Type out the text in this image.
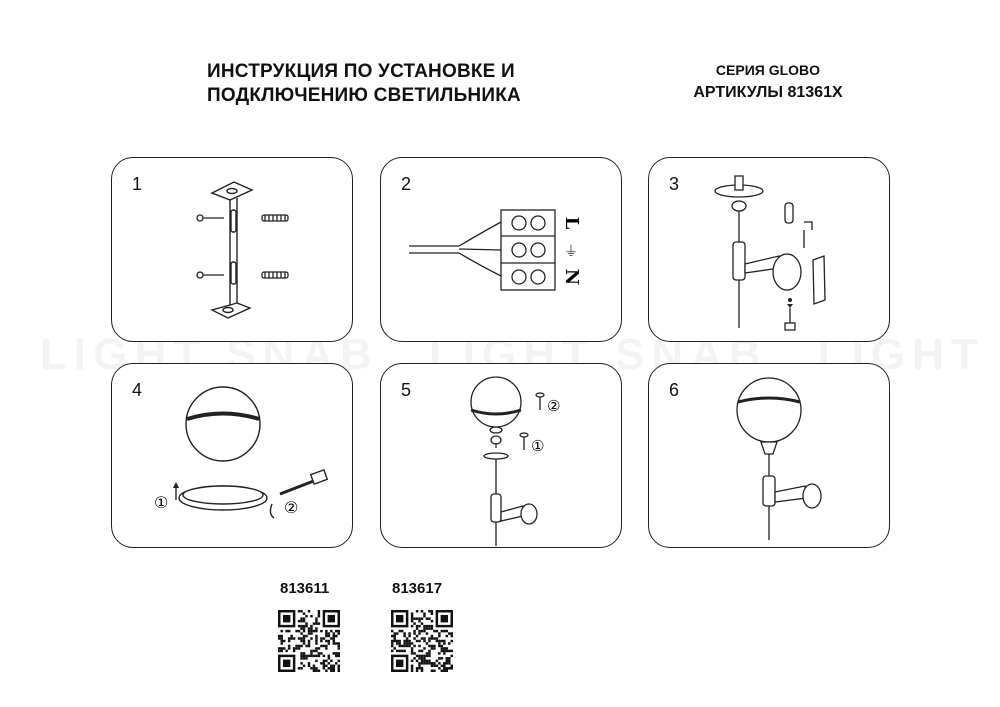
ИНСТРУКЦИЯ ПО УСТАНОВКЕ И
ПОДКЛЮЧЕНИЮ СВЕТИЛЬНИКА
СЕРИЯ GLOBO
АРТИКУЛЫ 81361X
1	2
L
⏚
N
3
4
①	②
5
②
①
6
813611	813617
